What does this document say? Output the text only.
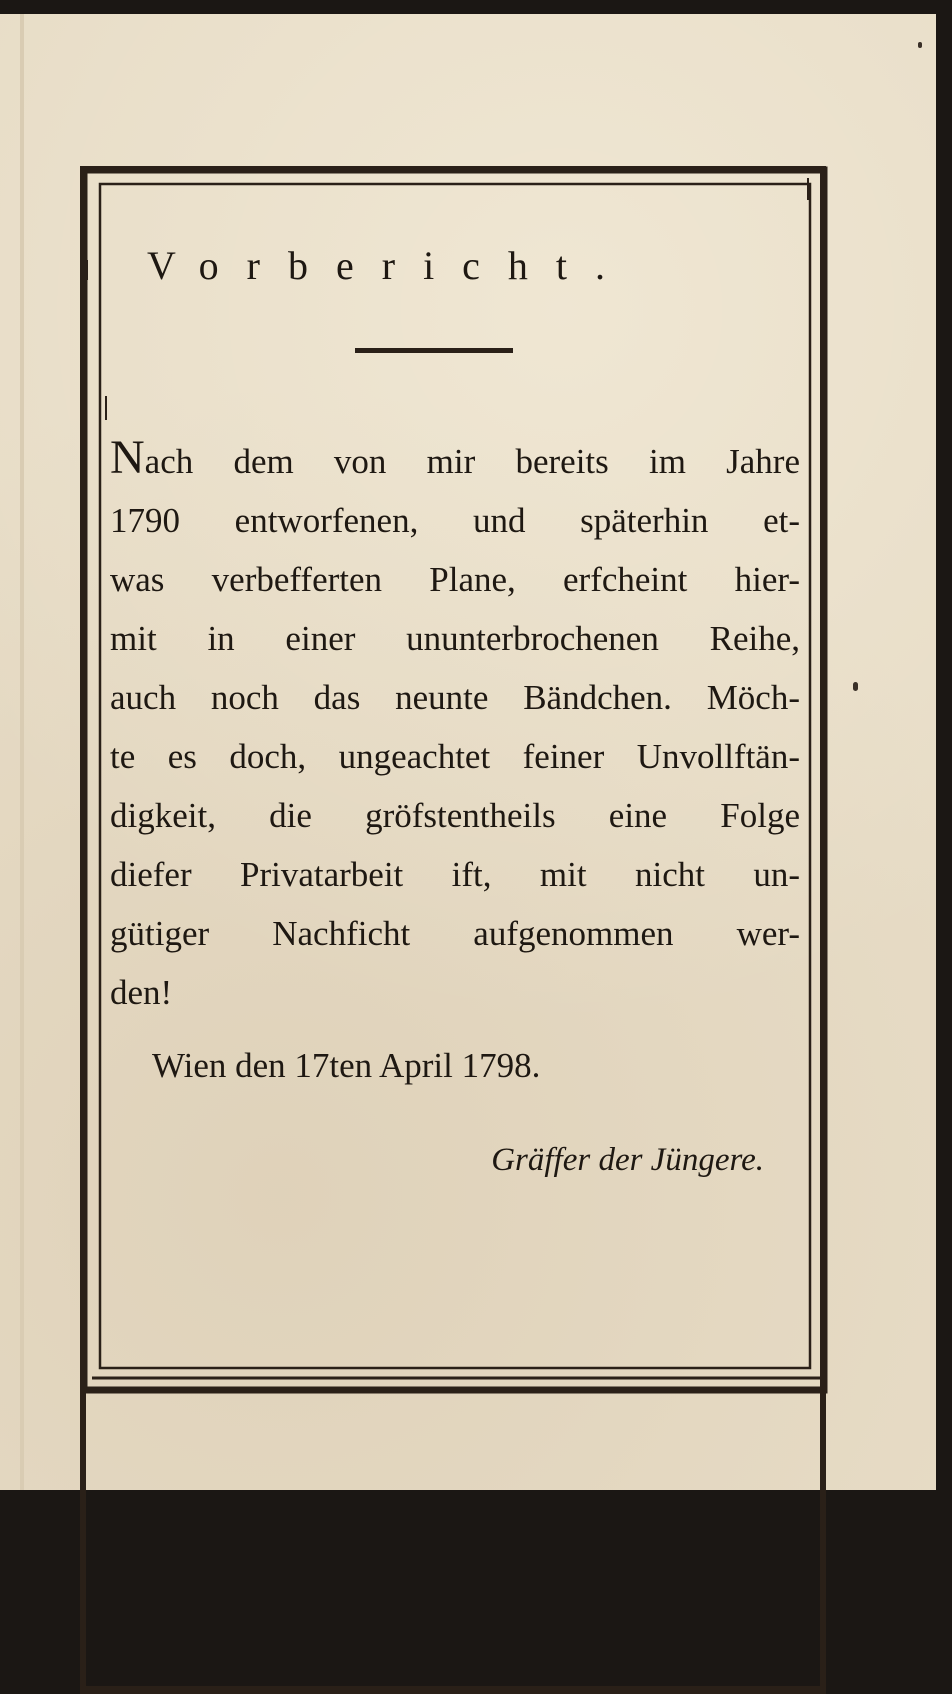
Vorbericht.
Nach dem von mir bereits im Jahre
1790 entworfenen, und späterhin et-
was verbefferten Plane, erfcheint hier-
mit in einer ununterbrochenen Reihe,
auch noch das neunte Bändchen. Möch-
te es doch, ungeachtet feiner Unvollftän-
digkeit, die gröfstentheils eine Folge
diefer Privatarbeit ift, mit nicht un-
gütiger Nachficht aufgenommen wer-
den!
Wien den 17ten April 1798.
Gräffer der Jüngere.
